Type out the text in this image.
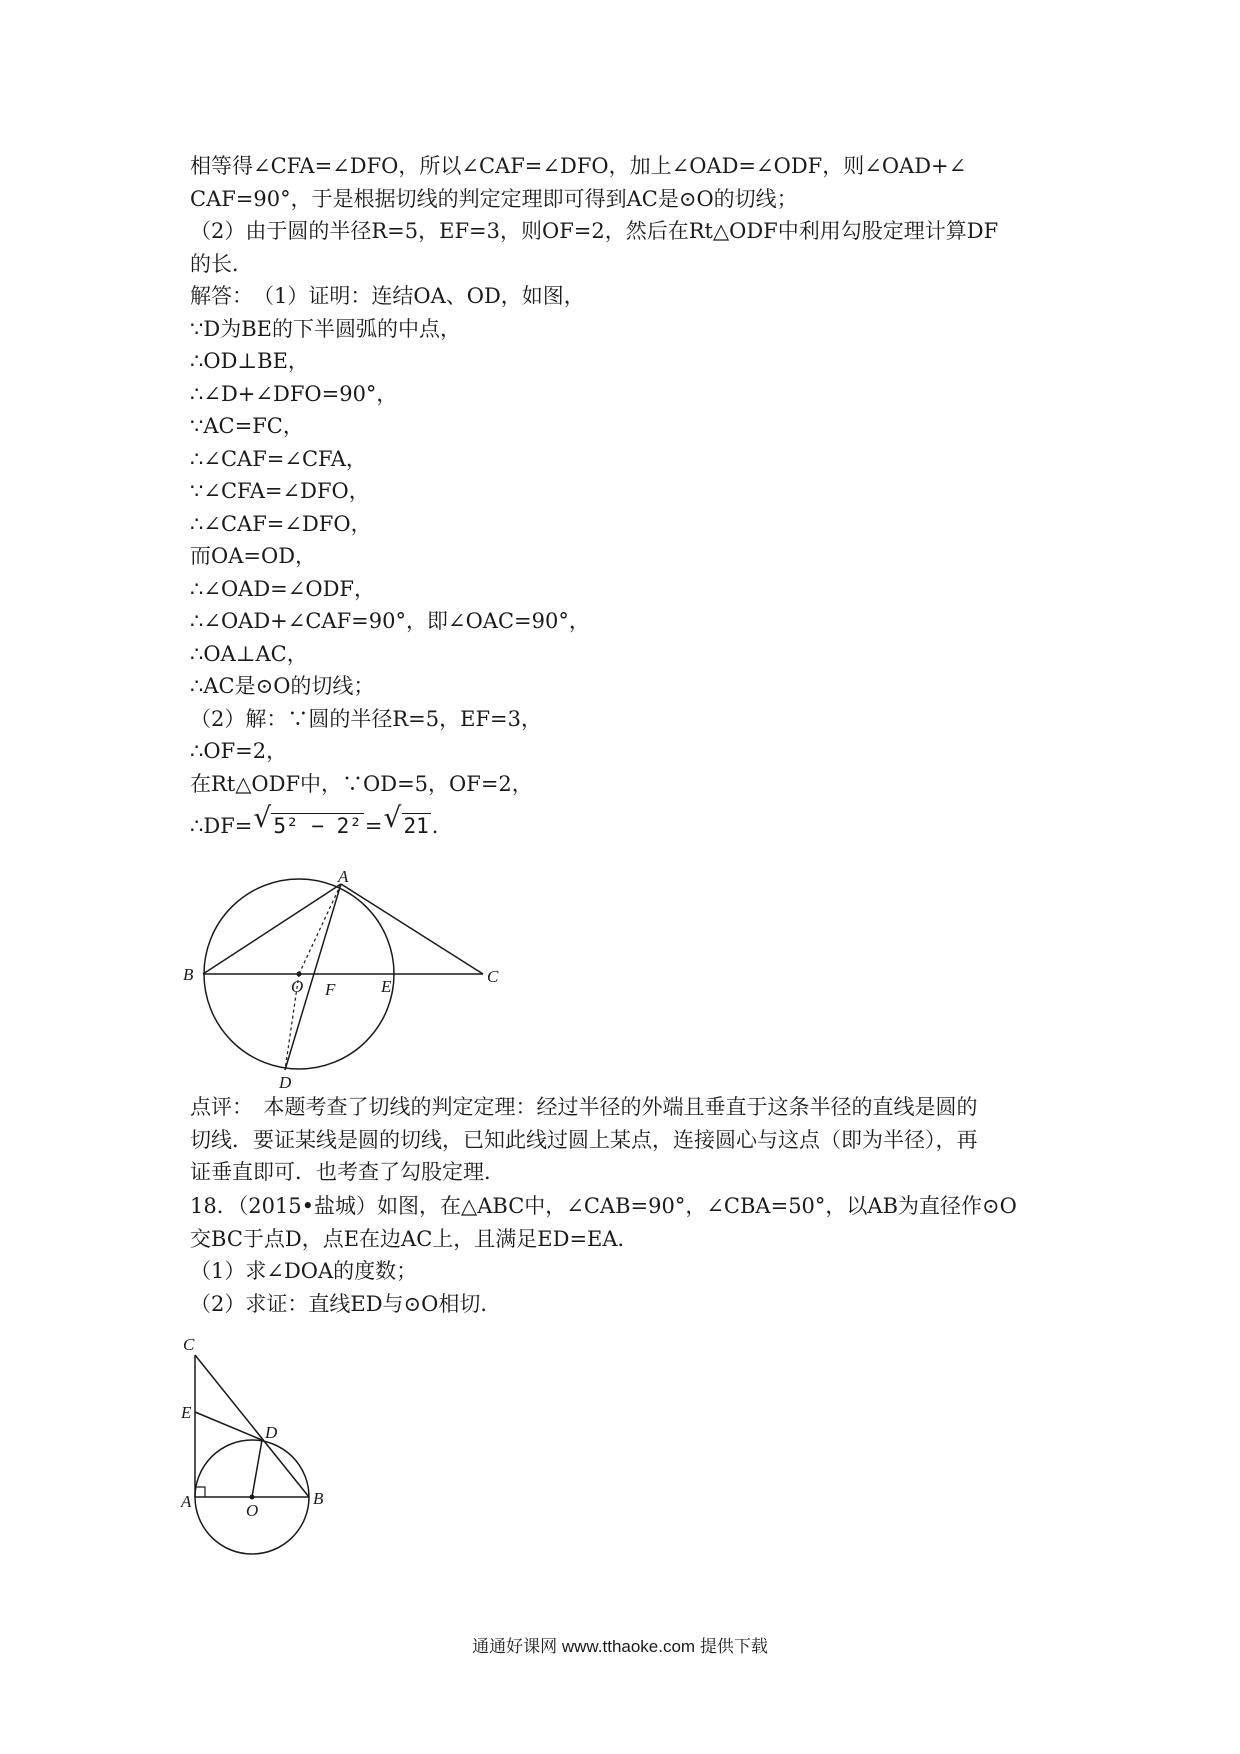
相等得∠CFA=∠DFO，所以∠CAF=∠DFO，加上∠OAD=∠ODF，则∠OAD+∠
CAF=90°，于是根据切线的判定定理即可得到AC是⊙O的切线；
（2）由于圆的半径R=5，EF=3，则OF=2，然后在Rt△ODF中利用勾股定理计算DF
的长．
解答：　（1）证明：连结OA、OD，如图，
∵D为BE的下半圆弧的中点，
∴OD⊥BE，
∴∠D+∠DFO=90°，
∵AC=FC，
∴∠CAF=∠CFA，
∵∠CFA=∠DFO，
∴∠CAF=∠DFO，
而OA=OD，
∴∠OAD=∠ODF，
∴∠OAD+∠CAF=90°，即∠OAC=90°，
∴OA⊥AC，
∴AC是⊙O的切线；
（2）解：∵圆的半径R=5，EF=3，
∴OF=2，
在Rt△ODF中，∵OD=5，OF=2，
∴DF= √ 5² − 2² = √ 21 .
A
B	C
O F	E
D
点评：　本题考查了切线的判定定理：经过半径的外端且垂直于这条半径的直线是圆的
切线．要证某线是圆的切线，已知此线过圆上某点，连接圆心与这点（即为半径），再
证垂直即可．也考查了勾股定理．
18．（2015•盐城）如图，在△ABC中，∠CAB=90°，∠CBA=50°，以AB为直径作⊙O
交BC于点D，点E在边AC上，且满足ED=EA．
（1）求∠DOA的度数；
（2）求证：直线ED与⊙O相切．
C
E
D
A	O
B
通通好课网 www.tthaoke.com 提供下载
